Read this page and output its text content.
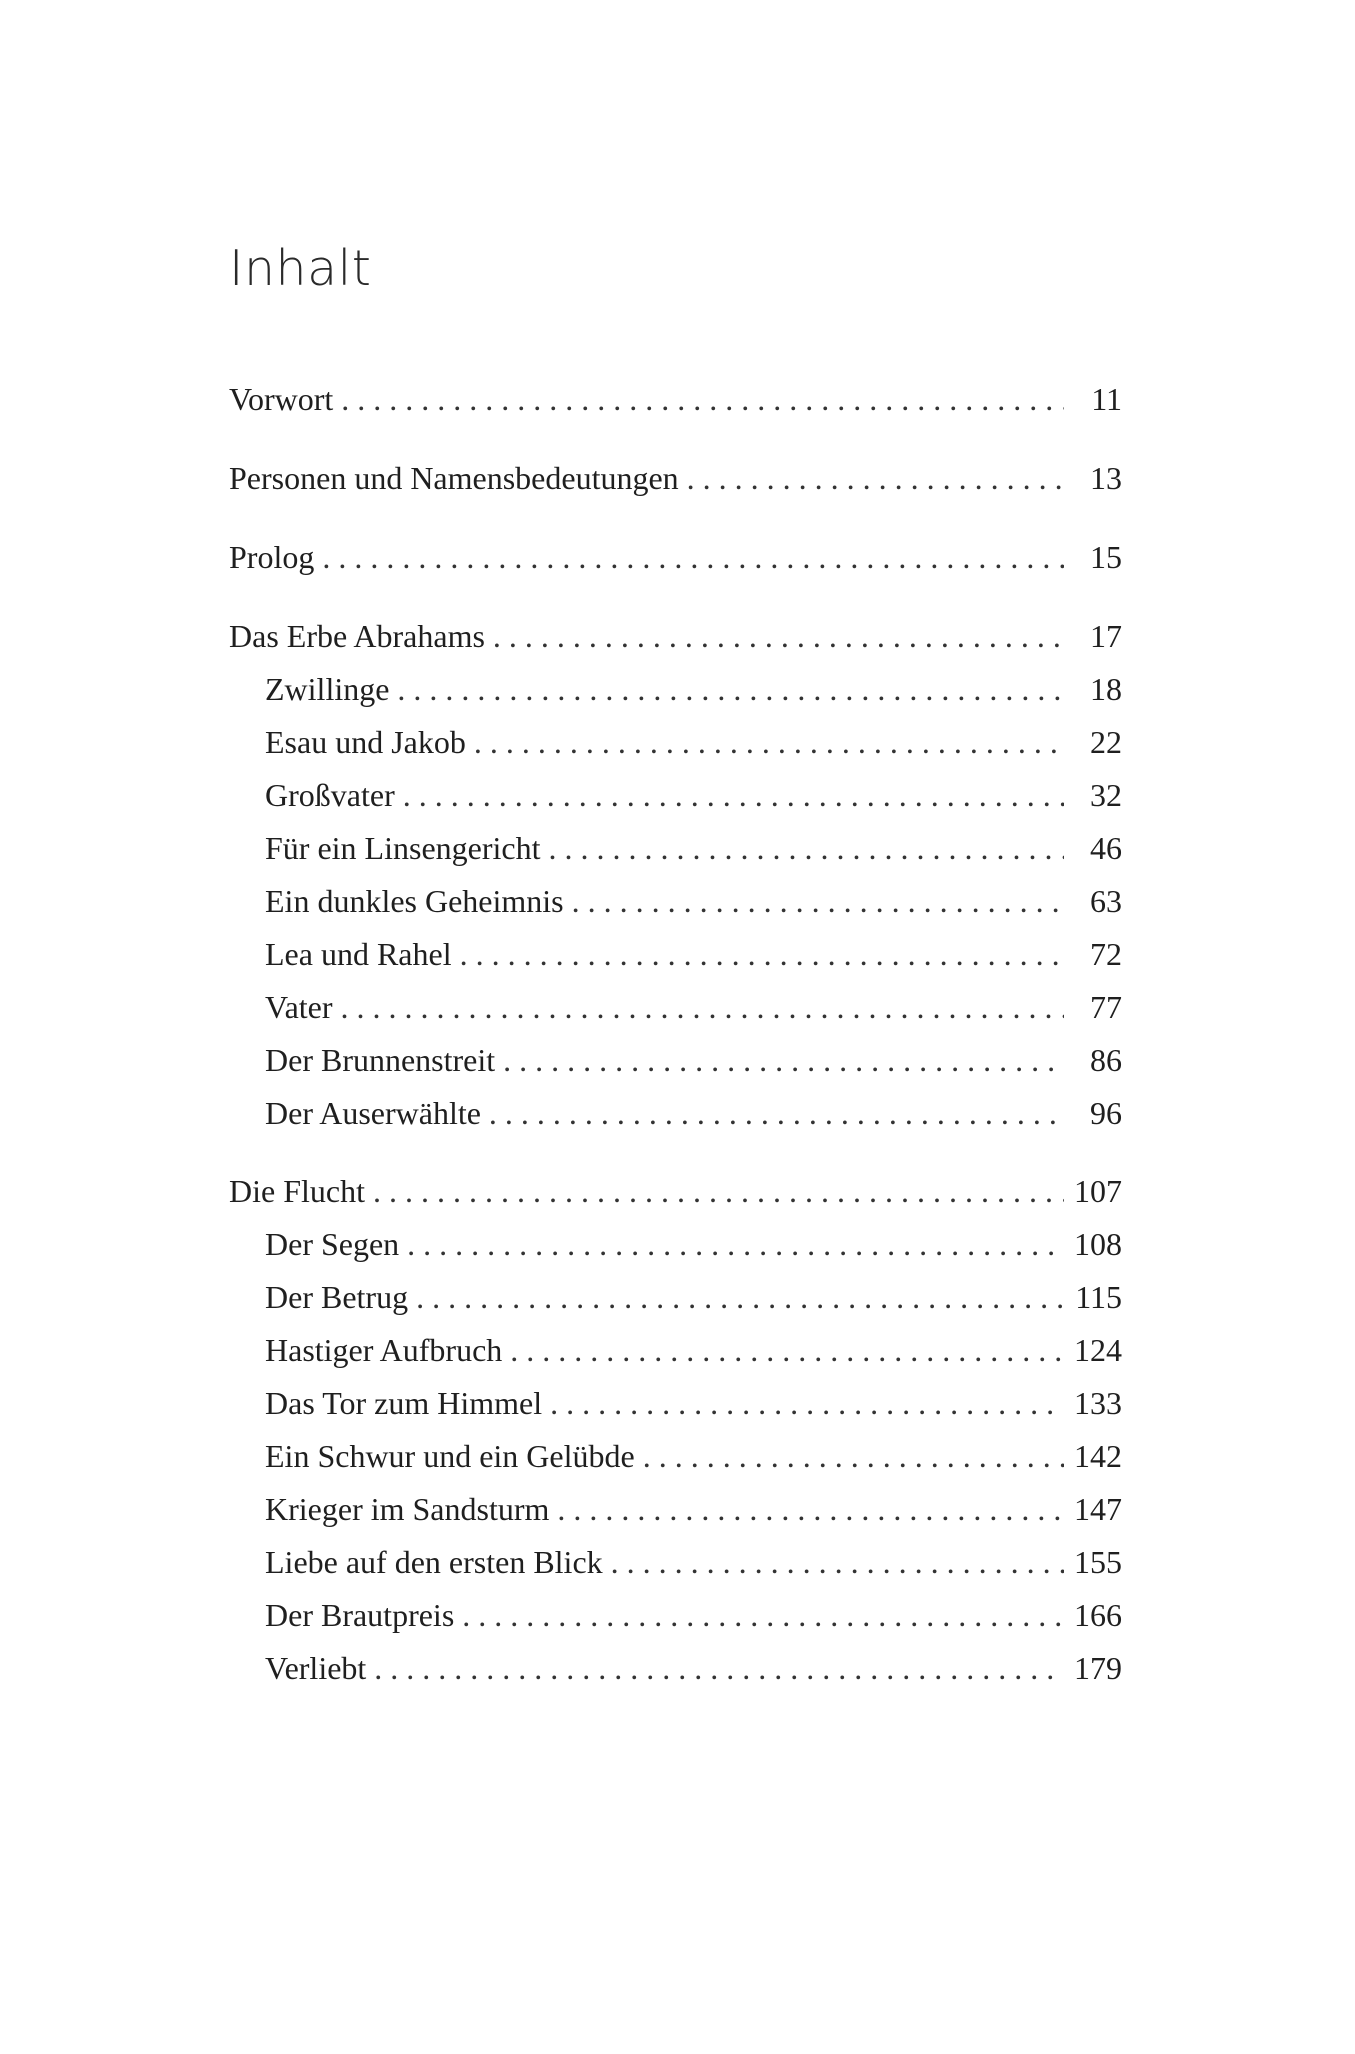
Inhalt
Vorwort . . .	11
Personen und Namensbedeutungen . . .	13
Prolog . . .	15
Das Erbe Abrahams . . .	17
Zwillinge . . .	18
Esau und Jakob . . .	22
Großvater . . .	32
Für ein Linsengericht . . .	46
Ein dunkles Geheimnis . . .	63
Lea und Rahel . . .	72
Vater . . .	77
Der Brunnenstreit . . .	86
Der Auserwählte . . .	96
Die Flucht . . .	107
Der Segen . . .	108
Der Betrug . . .	115
Hastiger Aufbruch . . .	124
Das Tor zum Himmel . . .	133
Ein Schwur und ein Gelübde . . .	142
Krieger im Sandsturm . . .	147
Liebe auf den ersten Blick . . .	155
Der Brautpreis . . .	166
Verliebt . . .	179
